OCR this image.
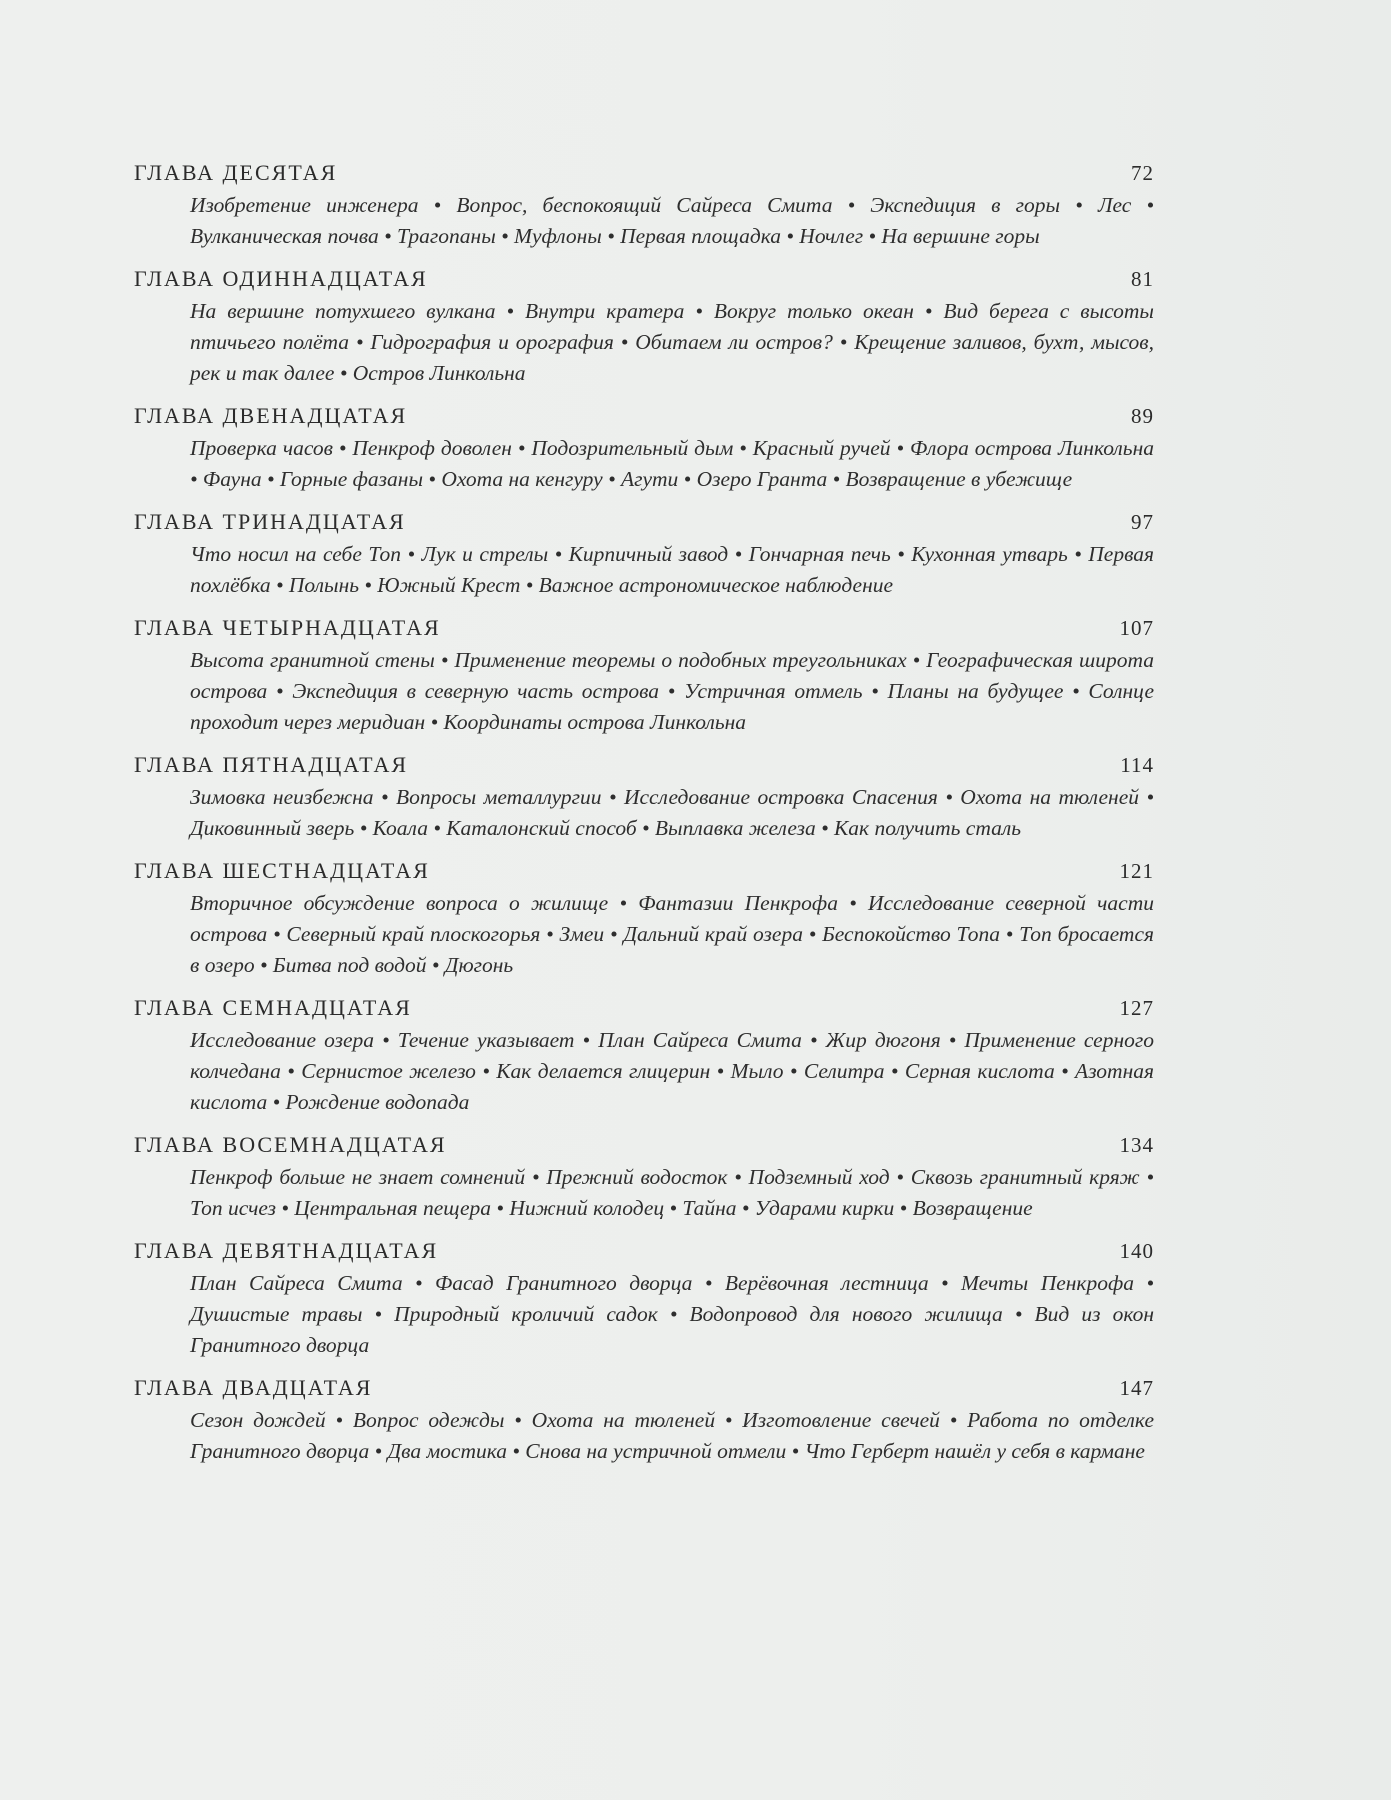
ГЛАВА ДЕСЯТАЯ	72
Изобретение инженера • Вопрос, беспокоящий Сайреса Смита • Экспедиция в горы • Лес • Вулканическая почва • Трагопаны • Муфлоны • Первая площадка • Ночлег • На вершине горы
ГЛАВА ОДИННАДЦАТАЯ	81
На вершине потухшего вулкана • Внутри кратера • Вокруг только океан • Вид берега с высоты птичьего полёта • Гидрография и орография • Обитаем ли остров? • Крещение заливов, бухт, мысов, рек и так далее • Остров Линкольна
ГЛАВА ДВЕНАДЦАТАЯ	89
Проверка часов • Пенкроф доволен • Подозрительный дым • Красный ручей • Флора острова Линкольна • Фауна • Горные фазаны • Охота на кенгуру • Агути • Озеро Гранта • Возвращение в убежище
ГЛАВА ТРИНАДЦАТАЯ	97
Что носил на себе Топ • Лук и стрелы • Кирпичный завод • Гончарная печь • Кухонная утварь • Первая похлёбка • Полынь • Южный Крест • Важное астрономическое наблюдение
ГЛАВА ЧЕТЫРНАДЦАТАЯ	107
Высота гранитной стены • Применение теоремы о подобных треугольниках • Географическая широта острова • Экспедиция в северную часть острова • Устричная отмель • Планы на будущее • Солнце проходит через меридиан • Координаты острова Линкольна
ГЛАВА ПЯТНАДЦАТАЯ	114
Зимовка неизбежна • Вопросы металлургии • Исследование островка Спасения • Охота на тюленей • Диковинный зверь • Коала • Каталонский способ • Выплавка железа • Как получить сталь
ГЛАВА ШЕСТНАДЦАТАЯ	121
Вторичное обсуждение вопроса о жилище • Фантазии Пенкрофа • Исследование северной части острова • Северный край плоскогорья • Змеи • Дальний край озера • Беспокойство Топа • Топ бросается в озеро • Битва под водой • Дюгонь
ГЛАВА СЕМНАДЦАТАЯ	127
Исследование озера • Течение указывает • План Сайреса Смита • Жир дюгоня • Применение серного колчедана • Сернистое железо • Как делается глицерин • Мыло • Селитра • Серная кислота • Азотная кислота • Рождение водопада
ГЛАВА ВОСЕМНАДЦАТАЯ	134
Пенкроф больше не знает сомнений • Прежний водосток • Подземный ход • Сквозь гранитный кряж • Топ исчез • Центральная пещера • Нижний колодец • Тайна • Ударами кирки • Возвращение
ГЛАВА ДЕВЯТНАДЦАТАЯ	140
План Сайреса Смита • Фасад Гранитного дворца • Верёвочная лестница • Мечты Пенкрофа • Душистые травы • Природный кроличий садок • Водопровод для нового жилища • Вид из окон Гранитного дворца
ГЛАВА ДВАДЦАТАЯ	147
Сезон дождей • Вопрос одежды • Охота на тюленей • Изготовление свечей • Работа по отделке Гранитного дворца • Два мостика • Снова на устричной отмели • Что Герберт нашёл у себя в кармане
